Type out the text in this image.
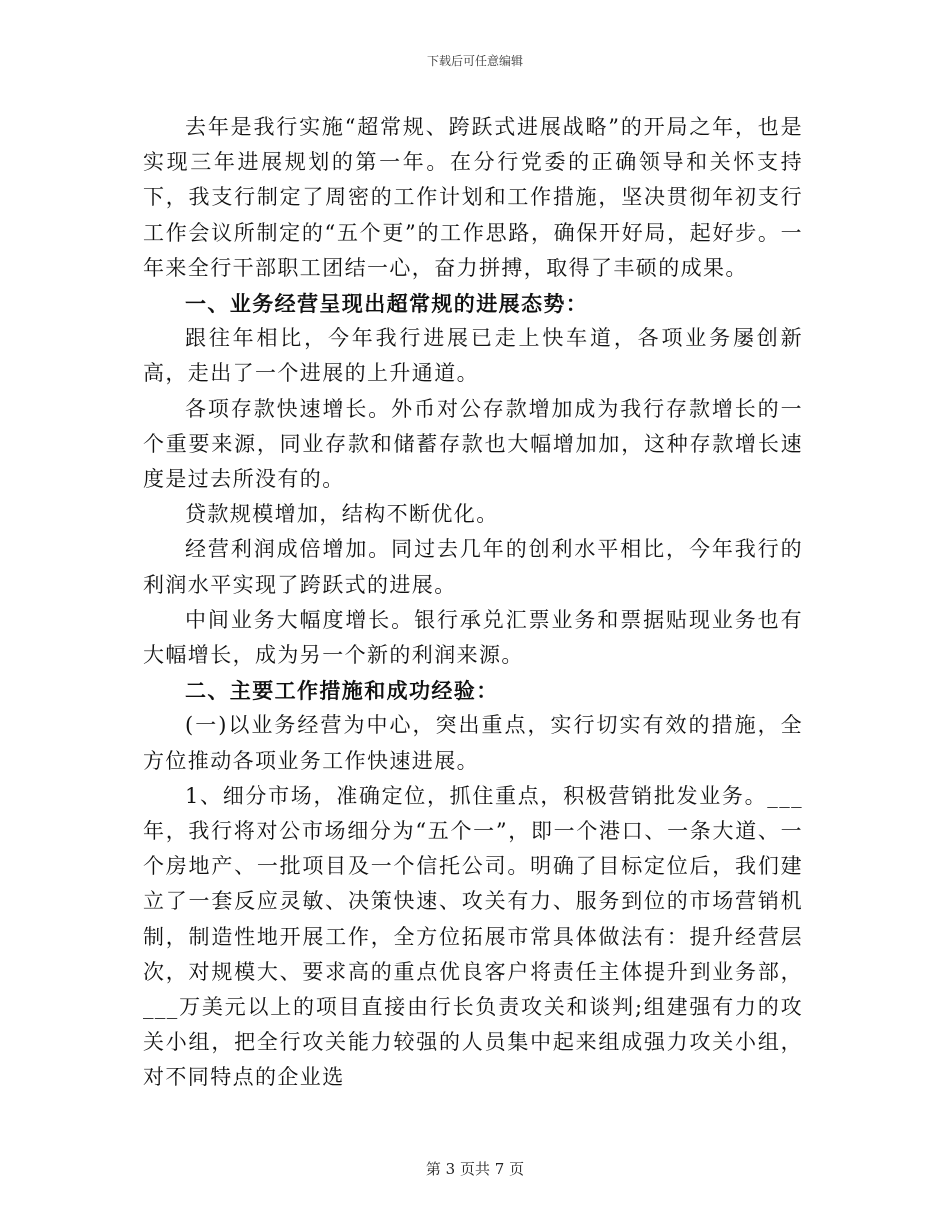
下载后可任意编辑

去年是我行实施“超常规、跨跃式进展战略”的开局之年，也是实现三年进展规划的第一年。在分行党委的正确领导和关怀支持下，我支行制定了周密的工作计划和工作措施，坚决贯彻年初支行工作会议所制定的“五个更”的工作思路，确保开好局，起好步。一年来全行干部职工团结一心，奋力拼搏，取得了丰硕的成果。

一、业务经营呈现出超常规的进展态势：

跟往年相比，今年我行进展已走上快车道，各项业务屡创新高，走出了一个进展的上升通道。

各项存款快速增长。外币对公存款增加成为我行存款增长的一个重要来源，同业存款和储蓄存款也大幅增加加，这种存款增长速度是过去所没有的。

贷款规模增加，结构不断优化。

经营利润成倍增加。同过去几年的创利水平相比，今年我行的利润水平实现了跨跃式的进展。

中间业务大幅度增长。银行承兑汇票业务和票据贴现业务也有大幅增长，成为另一个新的利润来源。

二、主要工作措施和成功经验：

(一)以业务经营为中心，突出重点，实行切实有效的措施，全方位推动各项业务工作快速进展。

1、细分市场，准确定位，抓住重点，积极营销批发业务。___年，我行将对公市场细分为“五个一”，即一个港口、一条大道、一个房地产、一批项目及一个信托公司。明确了目标定位后，我们建立了一套反应灵敏、决策快速、攻关有力、服务到位的市场营销机制，制造性地开展工作，全方位拓展市常具体做法有：提升经营层次，对规模大、要求高的重点优良客户将责任主体提升到业务部，___万美元以上的项目直接由行长负责攻关和谈判;组建强有力的攻关小组，把全行攻关能力较强的人员集中起来组成强力攻关小组，对不同特点的企业选

第 3 页共 7 页
